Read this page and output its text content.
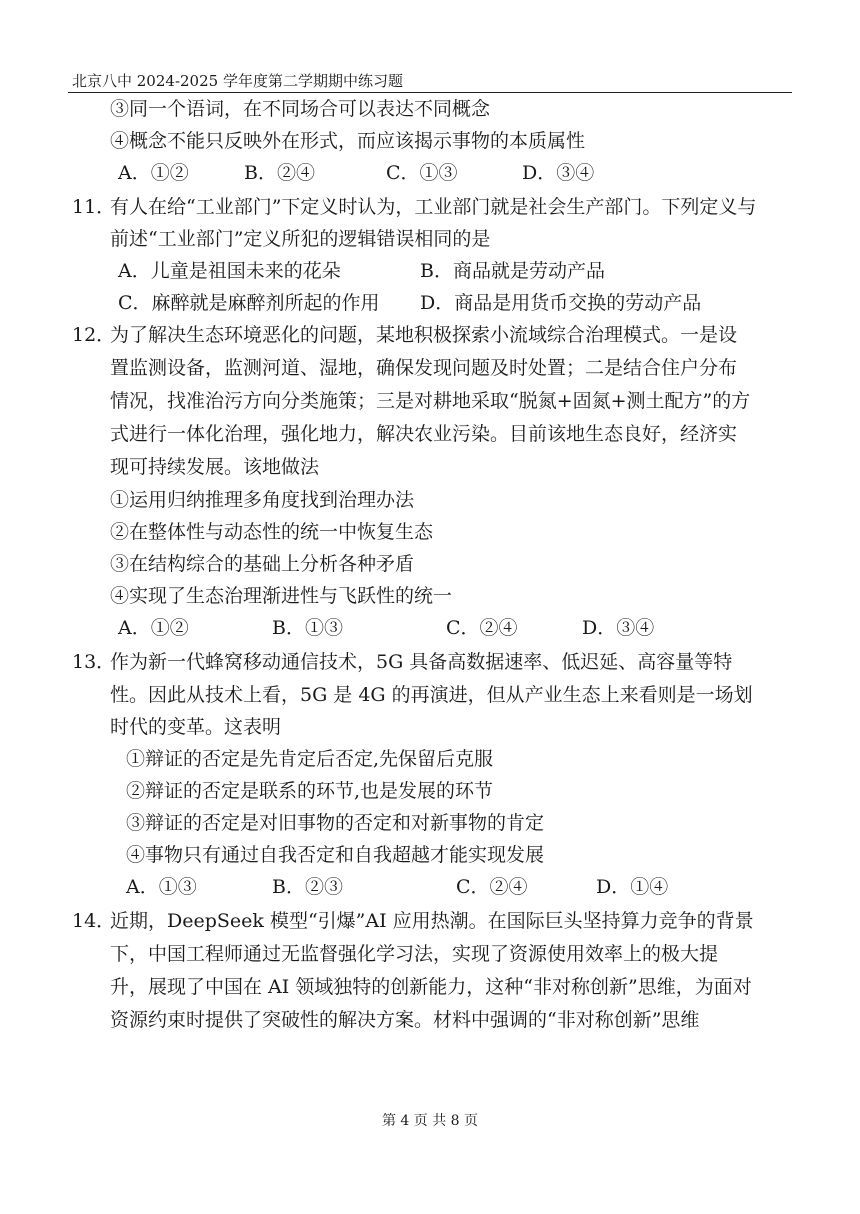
北京八中 2024-2025 学年度第二学期期中练习题
③同一个语词，在不同场合可以表达不同概念
④概念不能只反映外在形式，而应该揭示事物的本质属性
A．①②	B．②④	C．①③	D．③④
11．
有人在给“工业部门”下定义时认为，工业部门就是社会生产部门。下列定义与
前述“工业部门”定义所犯的逻辑错误相同的是
A．儿童是祖国未来的花朵	B．商品就是劳动产品
C．麻醉就是麻醉剂所起的作用 D．商品是用货币交换的劳动产品
12．
为了解决生态环境恶化的问题，某地积极探索小流域综合治理模式。一是设
置监测设备，监测河道、湿地，确保发现问题及时处置；二是结合住户分布
情况，找准治污方向分类施策；三是对耕地采取“脱氮+固氮+测土配方”的方
式进行一体化治理，强化地力，解决农业污染。目前该地生态良好，经济实
现可持续发展。该地做法
①运用归纳推理多角度找到治理办法
②在整体性与动态性的统一中恢复生态
③在结构综合的基础上分析各种矛盾
④实现了生态治理渐进性与飞跃性的统一
A．①②	B．①③	C．②④	D．③④
13．
作为新一代蜂窝移动通信技术，5G 具备高数据速率、低迟延、高容量等特
性。因此从技术上看，5G 是 4G 的再演进，但从产业生态上来看则是一场划
时代的变革。这表明
①辩证的否定是先肯定后否定,先保留后克服
②辩证的否定是联系的环节,也是发展的环节
③辩证的否定是对旧事物的否定和对新事物的肯定
④事物只有通过自我否定和自我超越才能实现发展
A．①③	B．②③	C．②④	D．①④
14．
近期，DeepSeek 模型“引爆”AI 应用热潮。在国际巨头坚持算力竞争的背景
下，中国工程师通过无监督强化学习法，实现了资源使用效率上的极大提
升，展现了中国在 AI 领域独特的创新能力，这种“非对称创新”思维，为面对
资源约束时提供了突破性的解决方案。材料中强调的“非对称创新”思维
第 4 页 共 8 页
